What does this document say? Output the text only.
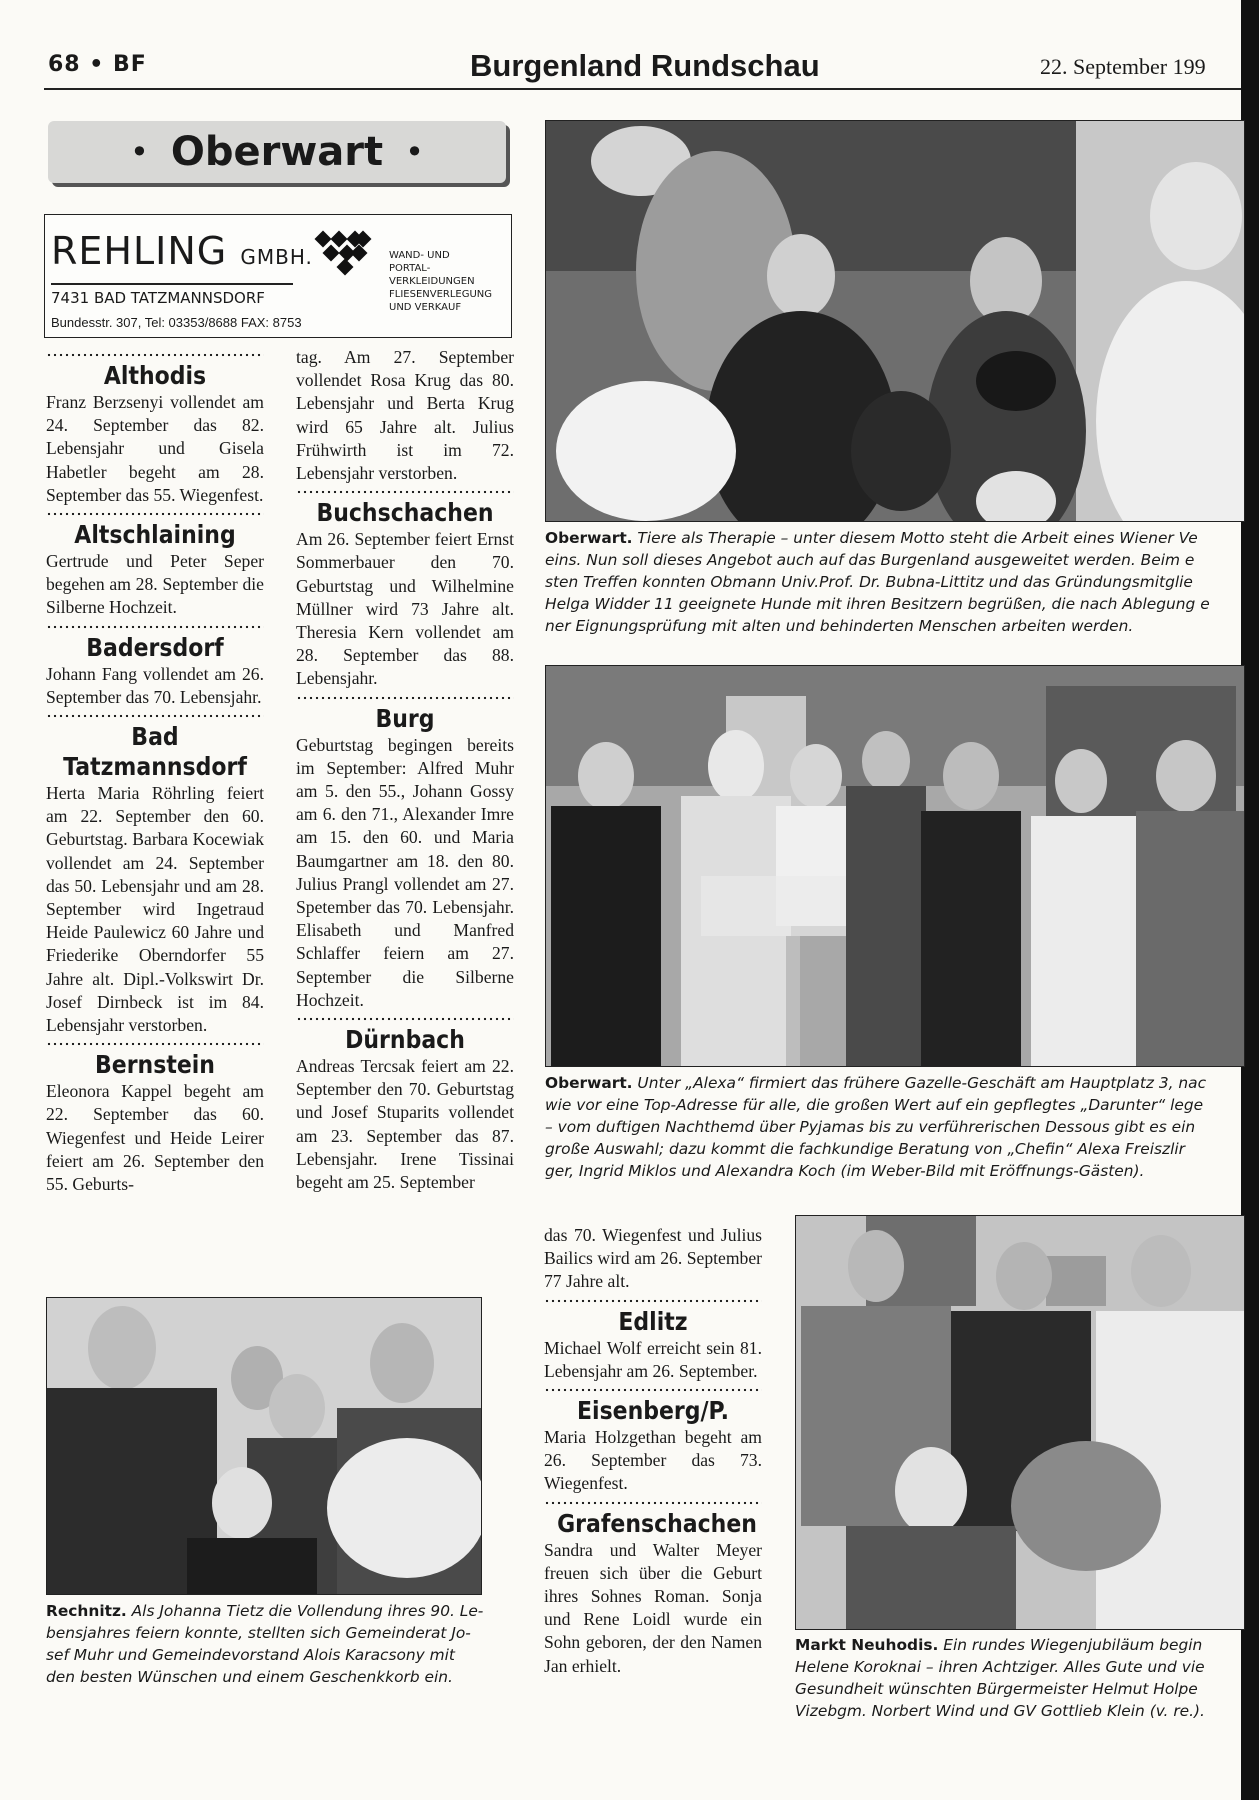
68 • BF	Burgenland Rundschau	22. September 199
• Oberwart •
REHLING GMBH.
7431 BAD TATZMANNSDORF
Bundesstr. 307, Tel: 03353/8688 FAX: 8753
WAND- UND
PORTAL-
VERKLEIDUNGEN
FLIESENVERLEGUNG
UND VERKAUF
Althodis

Franz Berzsenyi vollendet am 24. September das 82. Lebensjahr und Gisela Habetler begeht am 28. September das 55. Wiegenfest.

Altschlaining

Gertrude und Peter Seper begehen am 28. September die Silberne Hochzeit.

Badersdorf

Johann Fang vollendet am 26. September das 70. Lebensjahr.

Bad Tatzmannsdorf

Herta Maria Röhrling feiert am 22. September den 60. Geburtstag. Barbara Kocewiak vollendet am 24. September das 50. Lebensjahr und am 28. September wird Ingetraud Heide Paulewicz 60 Jahre und Friederike Oberndorfer 55 Jahre alt. Dipl.-Volkswirt Dr. Josef Dirnbeck ist im 84. Lebensjahr verstorben.

Bernstein

Eleonora Kappel begeht am 22. September das 60. Wiegenfest und Heide Leirer feiert am 26. September den 55. Geburts-

tag. Am 27. September vollendet Rosa Krug das 80. Lebensjahr und Berta Krug wird 65 Jahre alt. Julius Frühwirth ist im 72. Lebensjahr verstorben.

Buchschachen

Am 26. September feiert Ernst Sommerbauer den 70. Geburtstag und Wilhelmine Müllner wird 73 Jahre alt. Theresia Kern vollendet am 28. September das 88. Lebensjahr.

Burg

Geburtstag begingen bereits im September: Alfred Muhr am 5. den 55., Johann Gossy am 6. den 71., Alexander Imre am 15. den 60. und Maria Baumgartner am 18. den 80. Julius Prangl vollendet am 27. Spetember das 70. Lebensjahr. Elisabeth und Manfred Schlaffer feiern am 27. September die Silberne Hochzeit.

Dürnbach

Andreas Tercsak feiert am 22. September den 70. Geburtstag und Josef Stuparits vollendet am 23. September das 87. Lebensjahr. Irene Tissinai begeht am 25. September

das 70. Wiegenfest und Julius Bailics wird am 26. September 77 Jahre alt.

Edlitz

Michael Wolf erreicht sein 81. Lebensjahr am 26. September.

Eisenberg/P.

Maria Holzgethan begeht am 26. September das 73. Wiegenfest.

Grafenschachen

Sandra und Walter Meyer freuen sich über die Geburt ihres Sohnes Roman. Sonja und Rene Loidl wurde ein Sohn geboren, der den Namen Jan erhielt.

Oberwart. Tiere als Therapie – unter diesem Motto steht die Arbeit eines Wiener Ve
eins. Nun soll dieses Angebot auch auf das Burgenland ausgeweitet werden. Beim e
sten Treffen konnten Obmann Univ.Prof. Dr. Bubna-Littitz und das Gründungsmitglie
Helga Widder 11 geeignete Hunde mit ihren Besitzern begrüßen, die nach Ablegung e
ner Eignungsprüfung mit alten und behinderten Menschen arbeiten werden.
Oberwart. Unter „Alexa“ firmiert das frühere Gazelle-Geschäft am Hauptplatz 3, nac
wie vor eine Top-Adresse für alle, die großen Wert auf ein gepflegtes „Darunter“ lege
– vom duftigen Nachthemd über Pyjamas bis zu verführerischen Dessous gibt es ein
große Auswahl; dazu kommt die fachkundige Beratung von „Chefin“ Alexa Freiszlir
ger, Ingrid Miklos und Alexandra Koch (im Weber-Bild mit Eröffnungs-Gästen).
Rechnitz. Als Johanna Tietz die Vollendung ihres 90. Le-
bensjahres feiern konnte, stellten sich Gemeinderat Jo-
sef Muhr und Gemeindevorstand Alois Karacsony mit
den besten Wünschen und einem Geschenkkorb ein.
Markt Neuhodis. Ein rundes Wiegenjubiläum begin
Helene Koroknai – ihren Achtziger. Alles Gute und vie
Gesundheit wünschten Bürgermeister Helmut Holpe
Vizebgm. Norbert Wind und GV Gottlieb Klein (v. re.).
